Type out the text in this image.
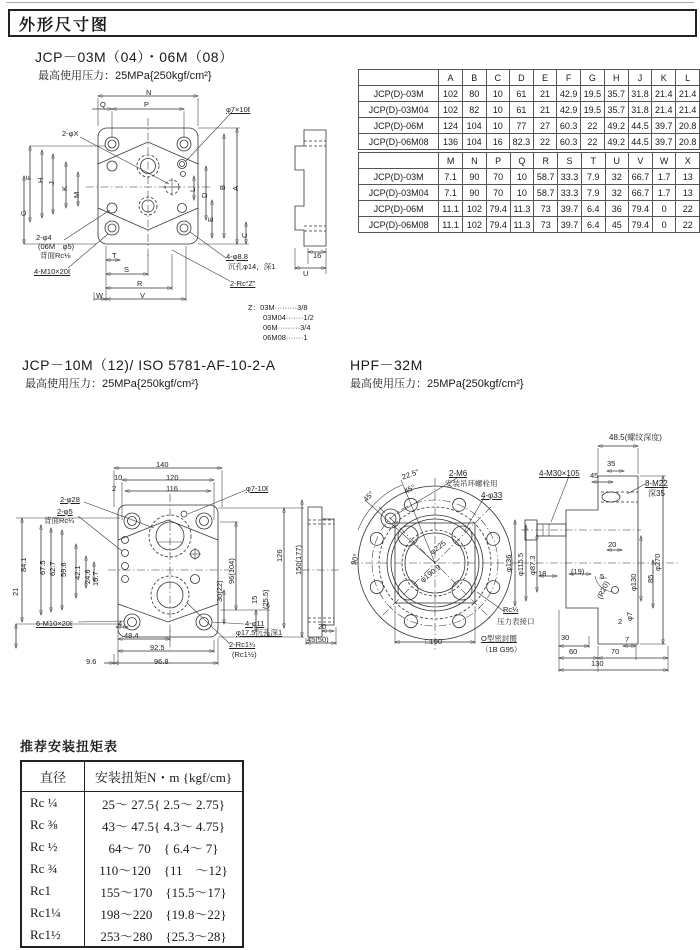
外形尺寸图
JCP－03M（04）・06M（08）
最高使用压力：25MPa{250kgf/cm²}
N
Q	P
φ7×10ℓ
2-φX
F H
J
K
M
G
L
D
B A
E
C
2-φ4
(06M　φ5)
背面Rc⅛
4-M10×20ℓ
T
S
R
W	V
4-φ8.8
沉孔φ14，深1
2-Rc“Z”
Z：03M·········3/8
03M04·······1/2
06M·········3/4
06M08·······1
16
U
	A	B	C	D	E	F	G	H	J	K	L
JCP(D)-03M	102	80	10	61	21	42.9	19.5	35.7	31.8	21.4	21.4
JCP(D)-03M04	102	82	10	61	21	42.9	19.5	35.7	31.8	21.4	21.4
JCP(D)-06M	124	104	10	77	27	60.3	22	49.2	44.5	39.7	20.8
JCP(D)-06M08	136	104	16	82.3	22	60.3	22	49.2	44.5	39.7	20.8
	M	N	P	Q	R	S	T	U	V	W	X
JCP(D)-03M	7.1	90	70	10	58.7	33.3	7.9	32	66.7	1.7	13
JCP(D)-03M04	7.1	90	70	10	58.7	33.3	7.9	32	66.7	1.7	13
JCP(D)-06M	11.1	102	79.4	11.3	73	39.7	6.4	36	79.4	0	22
JCP(D)-06M08	11.1	102	79.4	11.3	73	39.7	6.4	45	79.4	0	22
JCP－10M（12)/ ISO 5781-AF-10-2-A
最高使用压力：25MPa{250kgf/cm²}
HPF－32M
最高使用压力：25MPa{250kgf/cm²}
140
10	120
2	116
2-φ28
2-φ5
背面Rc¼
84.1 67.5 62.7 59.6 42.1 24.6 16.7
21
6-M10×20ℓ	4
48.4
92.5
9.6	96.8
4-φ11
φ17.5沉孔深1
2-Rc1¼
(Rc1½)
φ7-10ℓ
126 150(177)
96(104)
30(22)	(25.5)
15
20
45(50)
48.5(螺纹深度)
35
45
4-M30×105
8-M22
深35
2-M6
安装吊环螺栓用
4-φ33
22.5°
45°
45°
90°
φ225
φ190.9
□190
Rc¼
压力表接口
O型密封圈
（1B G95）
φ136 φ115.5 φ87.3 18	(19)
20
5
(R20) φ130 85
φ270
φ7
2
30	7
60	70
130
推荐安装扭矩表
直径	安装扭矩N・m {kgf/cm}
Rc ¼	25～ 27.5{ 2.5～ 2.75}
Rc ⅜	43～ 47.5{ 4.3～ 4.75}
Rc ½	64～ 70　{ 6.4～ 7}
Rc ¾	110～120　{11　～12}
Rc1	155～170　{15.5～17}
Rc1¼	198～220　{19.8～22}
Rc1½	253～280　{25.3～28}
